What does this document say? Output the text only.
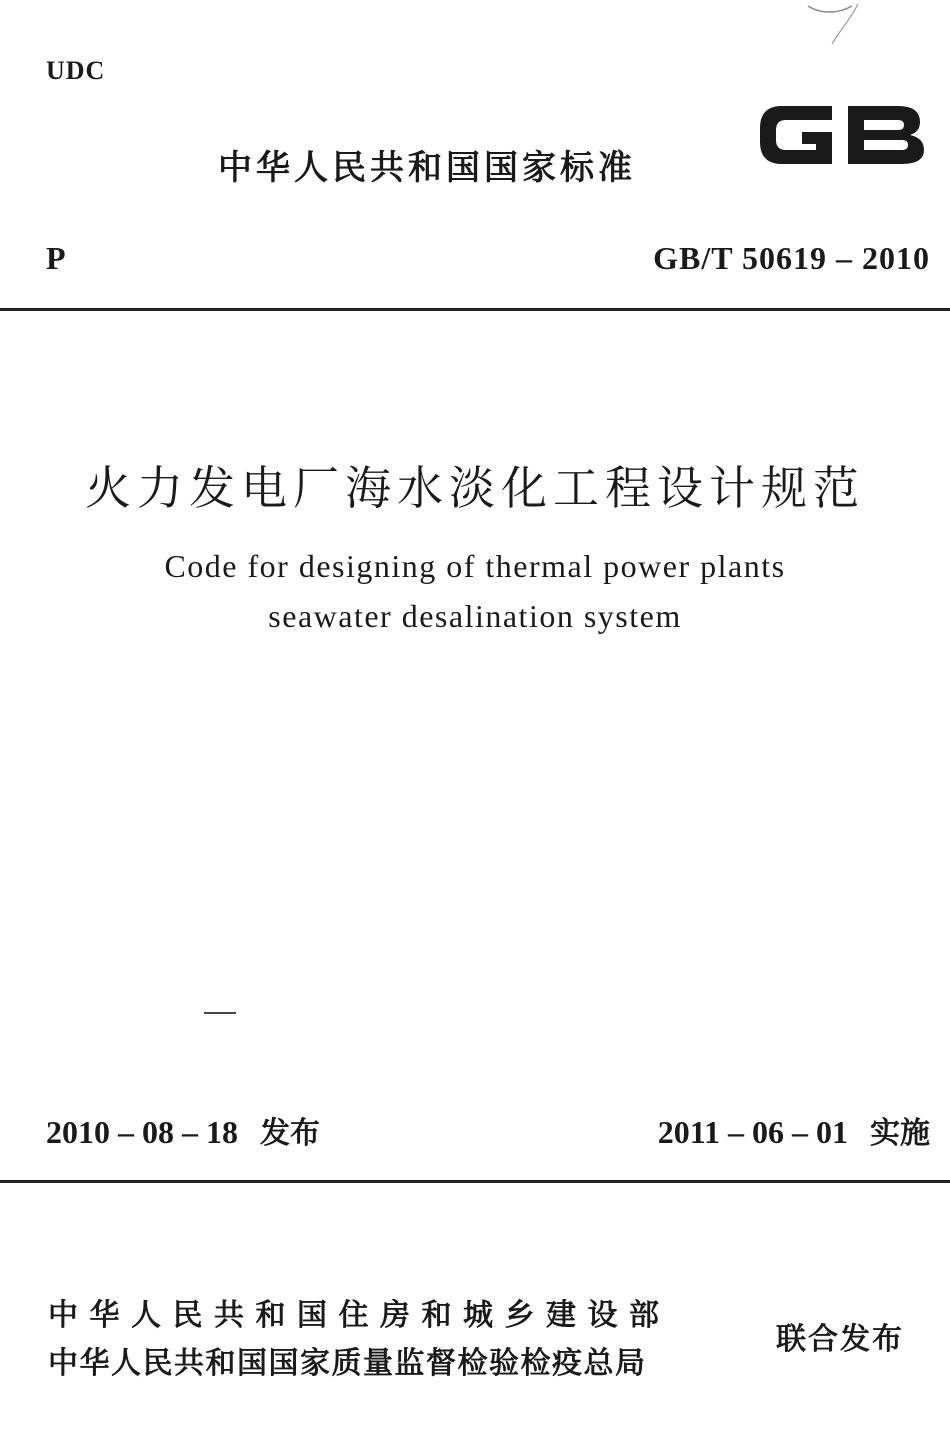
UDC
中华人民共和国国家标准
P	GB/T 50619 – 2010
火力发电厂海水淡化工程设计规范
Code for designing of thermal power plants
seawater desalination system
2010 – 08 – 18 发布	2011 – 06 – 01 实施
中华人民共和国住房和城乡建设部
中华人民共和国国家质量监督检验检疫总局
联合发布
